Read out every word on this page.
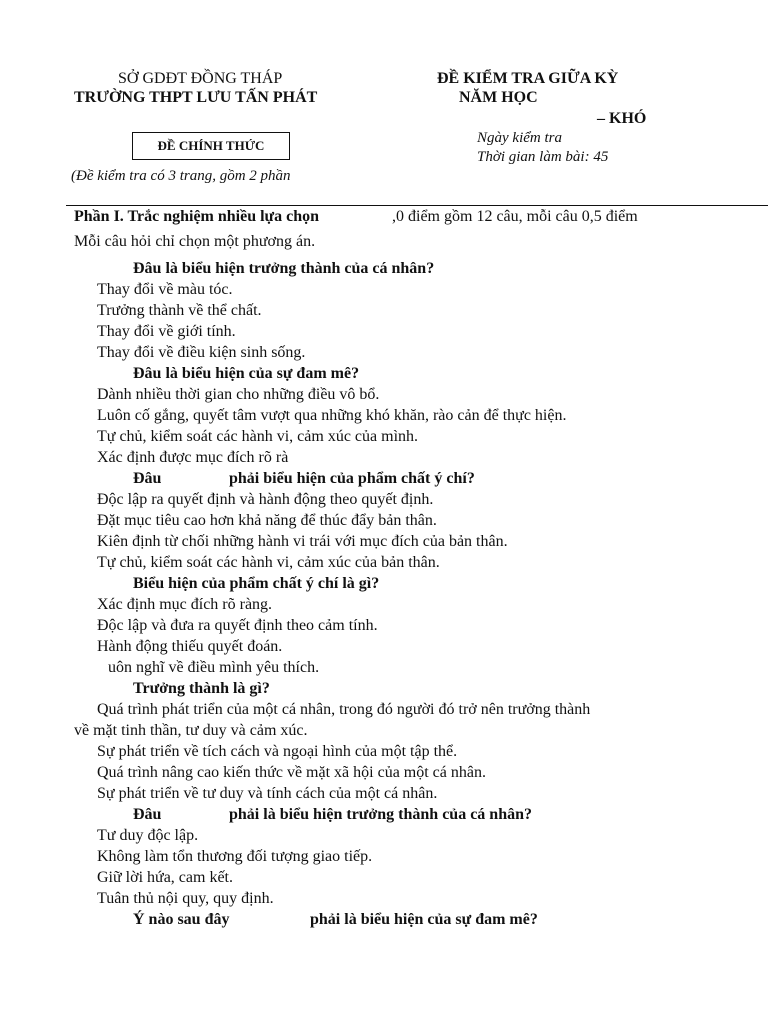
SỞ GDĐT ĐỒNG THÁP
TRƯỜNG THPT LƯU TẤN PHÁT
ĐỀ KIỂM TRA GIỮA KỲ
NĂM HỌC
– KHÓ
ĐỀ CHÍNH THỨC	Ngày kiểm tra
Thời gian làm bài: 45
(Đề kiểm tra có 3 trang, gồm 2 phần
Phần I. Trắc nghiệm nhiều lựa chọn	,0 điểm gồm 12 câu, mỗi câu 0,5 điểm
Mỗi câu hỏi chỉ chọn một phương án.
Đâu là biểu hiện trưởng thành của cá nhân?
Thay đổi về màu tóc.
Trưởng thành về thể chất.
Thay đổi về giới tính.
Thay đổi về điều kiện sinh sống.
Đâu là biểu hiện của sự đam mê?
Dành nhiều thời gian cho những điều vô bổ.
Luôn cố gắng, quyết tâm vượt qua những khó khăn, rào cản để thực hiện.
Tự chủ, kiểm soát các hành vi, cảm xúc của mình.
Xác định được mục đích rõ rà
Đâu	phải biểu hiện của phẩm chất ý chí?
Độc lập ra quyết định và hành động theo quyết định.
Đặt mục tiêu cao hơn khả năng để thúc đẩy bản thân.
Kiên định từ chối những hành vi trái với mục đích của bản thân.
Tự chủ, kiểm soát các hành vi, cảm xúc của bản thân.
Biểu hiện của phẩm chất ý chí là gì?
Xác định mục đích rõ ràng.
Độc lập và đưa ra quyết định theo cảm tính.
Hành động thiếu quyết đoán.
uôn nghĩ về điều mình yêu thích.
Trưởng thành là gì?
Quá trình phát triển của một cá nhân, trong đó người đó trở nên trưởng thành
về mặt tinh thần, tư duy và cảm xúc.
Sự phát triển về tích cách và ngoại hình của một tập thể.
Quá trình nâng cao kiến thức về mặt xã hội của một cá nhân.
Sự phát triển về tư duy và tính cách của một cá nhân.
Đâu	phải là biểu hiện trưởng thành của cá nhân?
Tư duy độc lập.
Không làm tổn thương đối tượng giao tiếp.
Giữ lời hứa, cam kết.
Tuân thủ nội quy, quy định.
Ý nào sau đây	phải là biểu hiện của sự đam mê?
